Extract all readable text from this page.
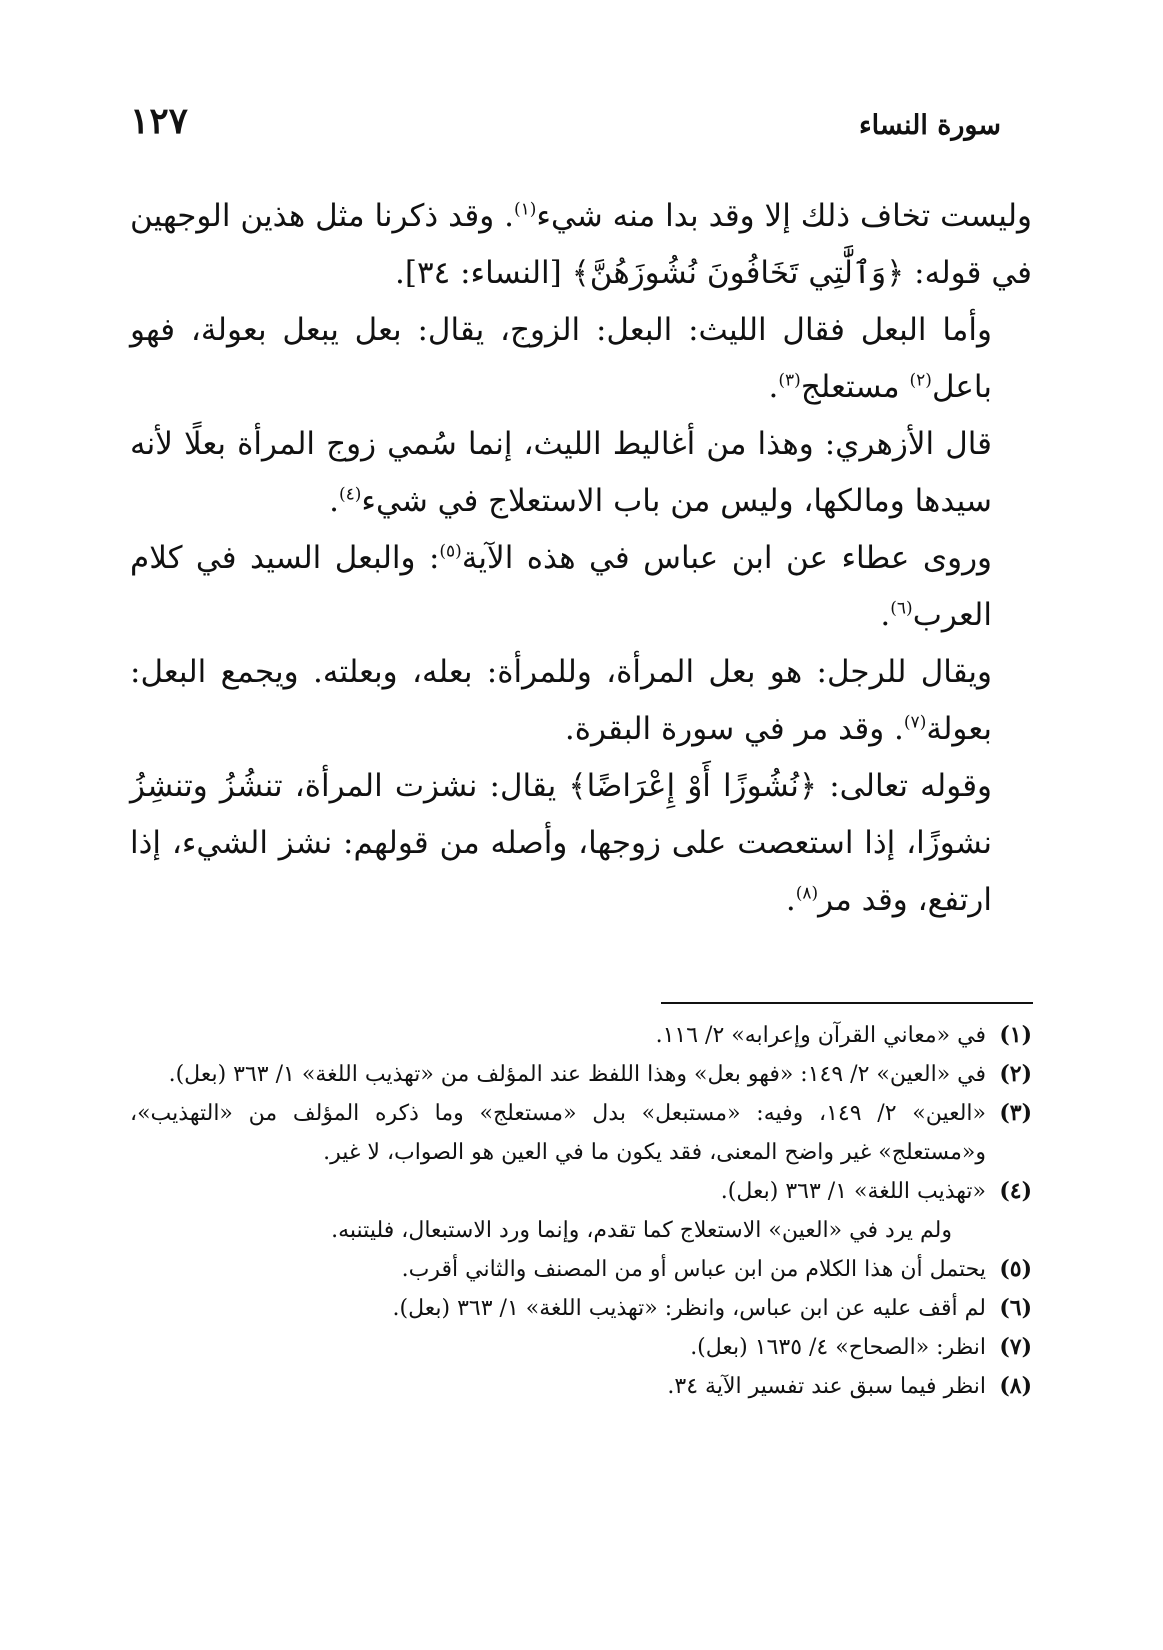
سورة النساء
١٢٧

وليست تخاف ذلك إلا وقد بدا منه شيء$^{(١)}$. وقد ذكرنا مثل هذين الوجهين في قوله: ﴿وَٱلَّٰتِي تَخَافُونَ نُشُوزَهُنَّ﴾ [النساء: ٣٤].

وأما البعل فقال الليث: البعل: الزوج، يقال: بعل يبعل بعولة، فهو باعل$^{(٢)}$ مستعلج$^{(٣)}$.

قال الأزهري: وهذا من أغاليط الليث، إنما سُمي زوج المرأة بعلًا لأنه سيدها ومالكها، وليس من باب الاستعلاج في شيء$^{(٤)}$.

وروى عطاء عن ابن عباس في هذه الآية$^{(٥)}$: والبعل السيد في كلام العرب$^{(٦)}$.

ويقال للرجل: هو بعل المرأة، وللمرأة: بعله، وبعلته. ويجمع البعل: بعولة$^{(٧)}$. وقد مر في سورة البقرة.

وقوله تعالى: ﴿نُشُوزًا أَوْ إِعْرَاضًا﴾ يقال: نشزت المرأة، تنشُزُ وتنشِزُ نشوزًا، إذا استعصت على زوجها، وأصله من قولهم: نشز الشيء، إذا ارتفع، وقد مر$^{(٨)}$.

(١)
في «معاني القرآن وإعرابه» ٢/ ١١٦.
(٢)
في «العين» ٢/ ١٤٩: «فهو بعل» وهذا اللفظ عند المؤلف من «تهذيب اللغة» ١/ ٣٦٣ (بعل).
(٣)
«العين» ٢/ ١٤٩، وفيه: «مستبعل» بدل «مستعلج» وما ذكره المؤلف من «التهذيب»، و«مستعلج» غير واضح المعنى، فقد يكون ما في العين هو الصواب، لا غير.
(٤)
«تهذيب اللغة» ١/ ٣٦٣ (بعل).

ولم يرد في «العين» الاستعلاج كما تقدم، وإنما ورد الاستبعال، فليتنبه.

(٥)
يحتمل أن هذا الكلام من ابن عباس أو من المصنف والثاني أقرب.
(٦)
لم أقف عليه عن ابن عباس، وانظر: «تهذيب اللغة» ١/ ٣٦٣ (بعل).
(٧)
انظر: «الصحاح» ٤/ ١٦٣٥ (بعل).
(٨)
انظر فيما سبق عند تفسير الآية ٣٤.
